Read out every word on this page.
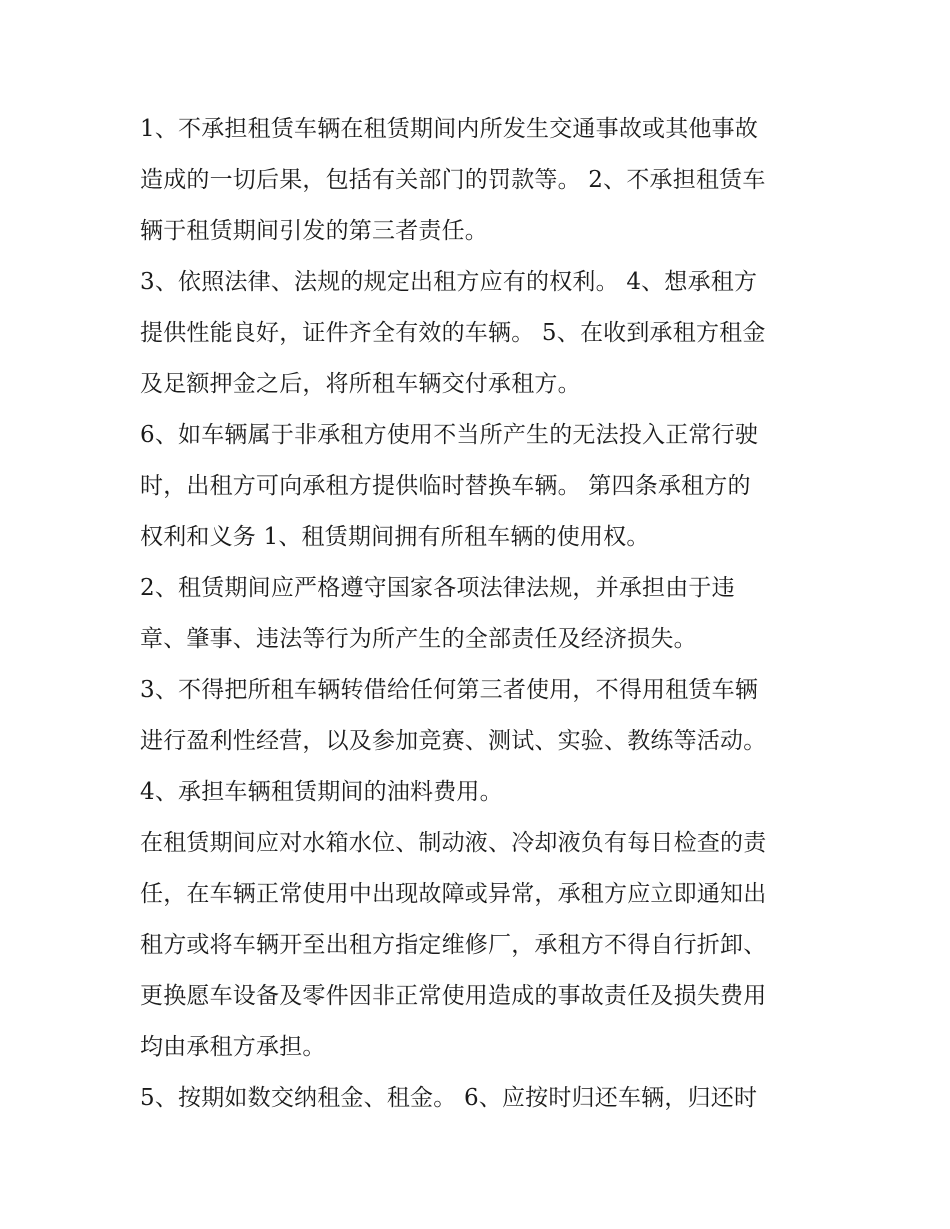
1、不承担租赁车辆在租赁期间内所发生交通事故或其他事故
造成的一切后果，包括有关部门的罚款等。 2、不承担租赁车
辆于租赁期间引发的第三者责任。
3、依照法律、法规的规定出租方应有的权利。 4、想承租方
提供性能良好，证件齐全有效的车辆。 5、在收到承租方租金
及足额押金之后，将所租车辆交付承租方。
6、如车辆属于非承租方使用不当所产生的无法投入正常行驶
时，出租方可向承租方提供临时替换车辆。 第四条承租方的
权利和义务 1、租赁期间拥有所租车辆的使用权。
2、租赁期间应严格遵守国家各项法律法规，并承担由于违
章、肇事、违法等行为所产生的全部责任及经济损失。
3、不得把所租车辆转借给任何第三者使用，不得用租赁车辆
进行盈利性经营，以及参加竞赛、测试、实验、教练等活动。
4、承担车辆租赁期间的油料费用。
在租赁期间应对水箱水位、制动液、冷却液负有每日检查的责
任，在车辆正常使用中出现故障或异常，承租方应立即通知出
租方或将车辆开至出租方指定维修厂，承租方不得自行折卸、
更换愿车设备及零件因非正常使用造成的事故责任及损失费用
均由承租方承担。
5、按期如数交纳租金、租金。 6、应按时归还车辆，归还时
